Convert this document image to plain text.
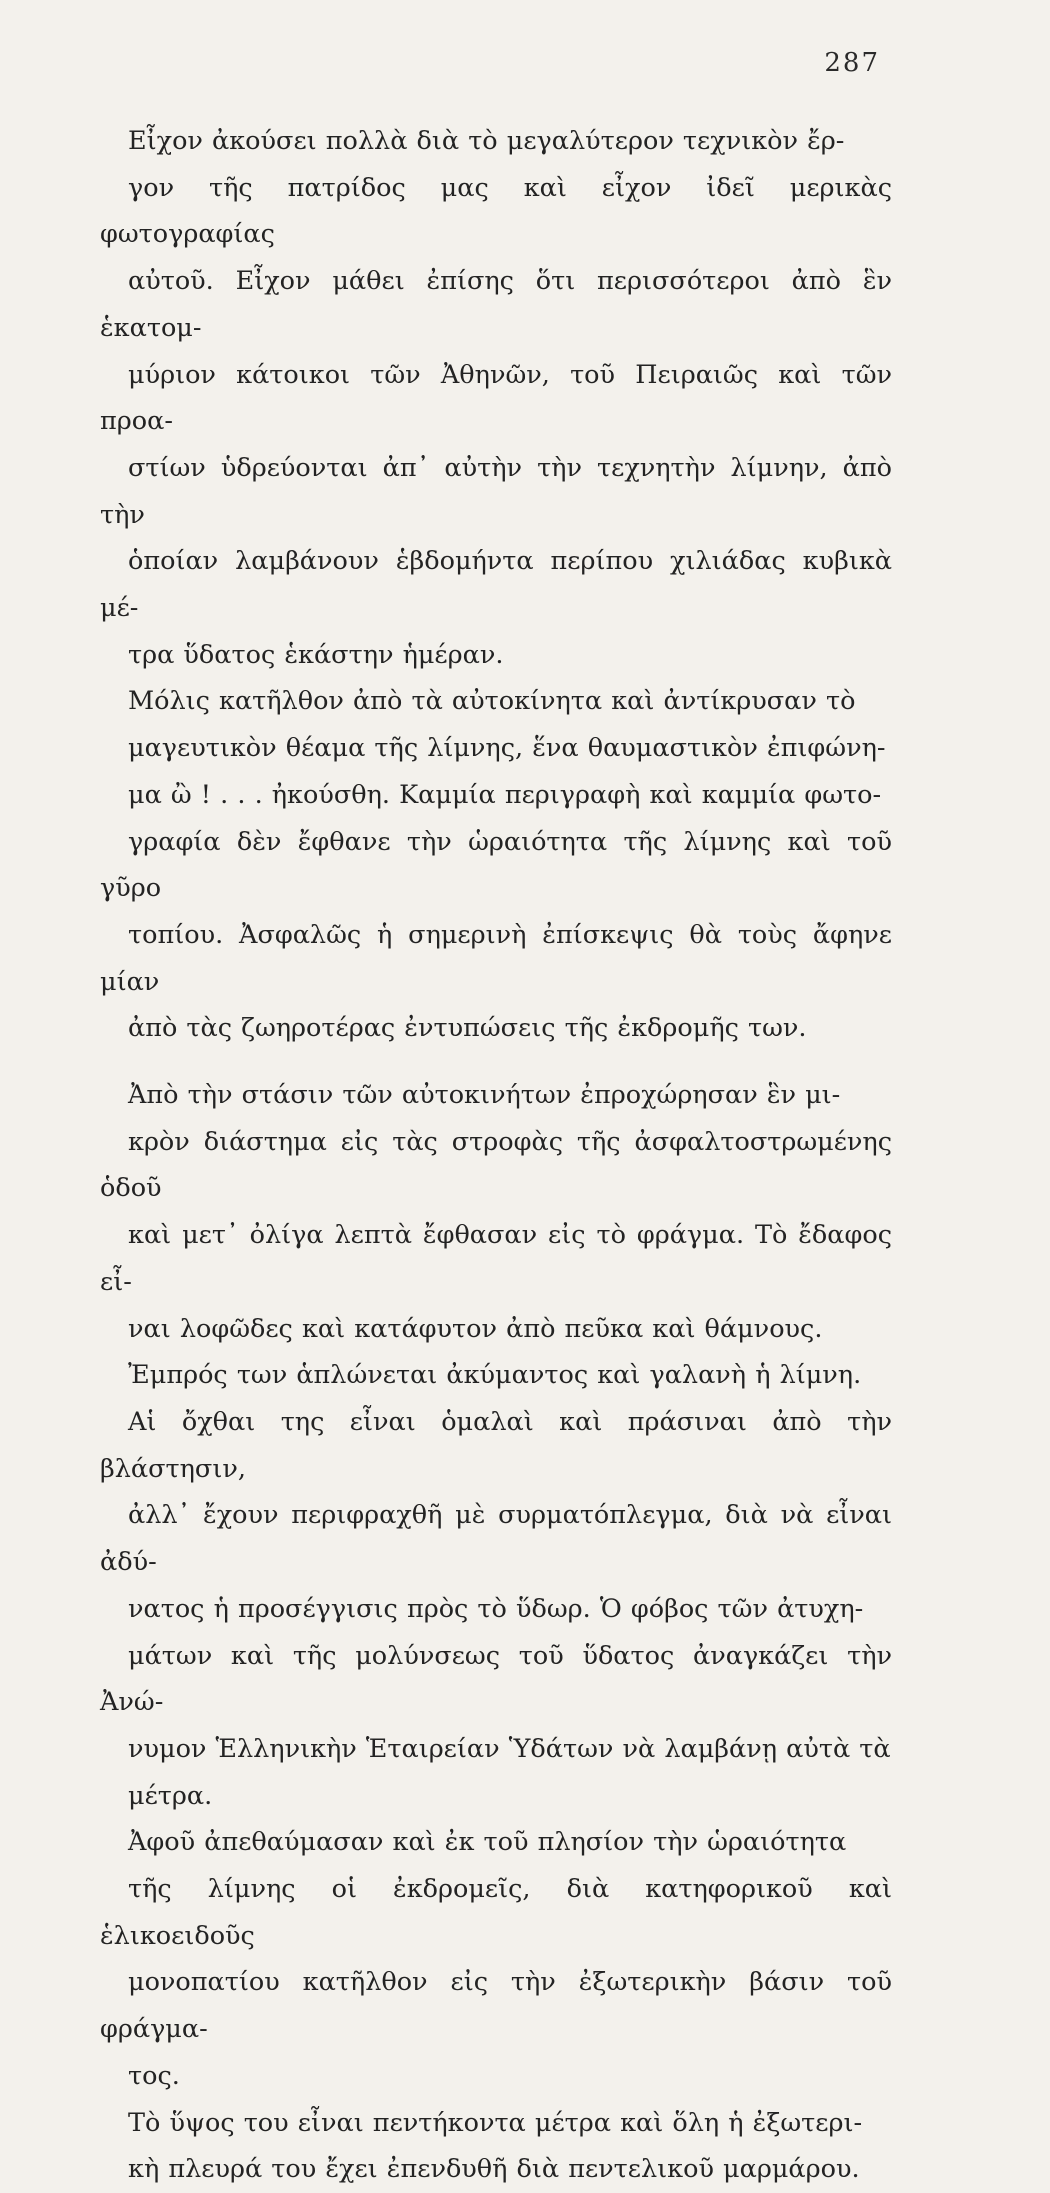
287

Εἶχον ἀκούσει πολλὰ διὰ τὸ μεγαλύτερον τεχνικὸν ἔρ-
γον τῆς πατρίδος μας καὶ εἶχον ἰδεῖ μερικὰς φωτογραφίας
αὐτοῦ. Εἶχον μάθει ἐπίσης ὅτι περισσότεροι ἀπὸ ἓν ἑκατομ-
μύριον κάτοικοι τῶν Ἀθηνῶν, τοῦ Πειραιῶς καὶ τῶν προα-
στίων ὑδρεύονται ἀπ᾽ αὐτὴν τὴν τεχνητὴν λίμνην, ἀπὸ τὴν
ὁποίαν λαμβάνουν ἑβδομήντα περίπου χιλιάδας κυβικὰ μέ-
τρα ὕδατος ἑκάστην ἡμέραν.

Μόλις κατῆλθον ἀπὸ τὰ αὐτοκίνητα καὶ ἀντίκρυσαν τὸ
μαγευτικὸν θέαμα τῆς λίμνης, ἕνα θαυμαστικὸν ἐπιφώνη-
μα ὢ ! . . . ἠκούσθη. Καμμία περιγραφὴ καὶ καμμία φωτο-
γραφία δὲν ἔφθανε τὴν ὡραιότητα τῆς λίμνης καὶ τοῦ γῦρο
τοπίου. Ἀσφαλῶς ἡ σημερινὴ ἐπίσκεψις θὰ τοὺς ἄφηνε μίαν
ἀπὸ τὰς ζωηροτέρας ἐντυπώσεις τῆς ἐκδρομῆς των.

Ἀπὸ τὴν στάσιν τῶν αὐτοκινήτων ἐπροχώρησαν ἓν μι-
κρὸν διάστημα εἰς τὰς στροφὰς τῆς ἀσφαλτοστρωμένης ὁδοῦ
καὶ μετ᾽ ὀλίγα λεπτὰ ἔφθασαν εἰς τὸ φράγμα. Τὸ ἔδαφος εἶ-
ναι λοφῶδες καὶ κατάφυτον ἀπὸ πεῦκα καὶ θάμνους.

Ἐμπρός των ἁπλώνεται ἀκύμαντος καὶ γαλανὴ ἡ λίμνη.
Αἱ ὄχθαι της εἶναι ὁμαλαὶ καὶ πράσιναι ἀπὸ τὴν βλάστησιν,
ἀλλ᾽ ἔχουν περιφραχθῆ μὲ συρματόπλεγμα, διὰ νὰ εἶναι ἀδύ-
νατος ἡ προσέγγισις πρὸς τὸ ὕδωρ. Ὁ φόβος τῶν ἀτυχη-
μάτων καὶ τῆς μολύνσεως τοῦ ὕδατος ἀναγκάζει τὴν Ἀνώ-
νυμον Ἑλληνικὴν Ἑταιρείαν Ὑδάτων νὰ λαμβάνῃ αὐτὰ τὰ
μέτρα.

Ἀφοῦ ἀπεθαύμασαν καὶ ἐκ τοῦ πλησίον τὴν ὡραιότητα
τῆς λίμνης οἱ ἐκδρομεῖς, διὰ κατηφορικοῦ καὶ ἑλικοειδοῦς
μονοπατίου κατῆλθον εἰς τὴν ἐξωτερικὴν βάσιν τοῦ φράγμα-
τος.

Τὸ ὕψος του εἶναι πεντήκοντα μέτρα καὶ ὅλη ἡ ἐξωτερι-
κὴ πλευρά του ἔχει ἐπενδυθῆ διὰ πεντελικοῦ μαρμάρου.
